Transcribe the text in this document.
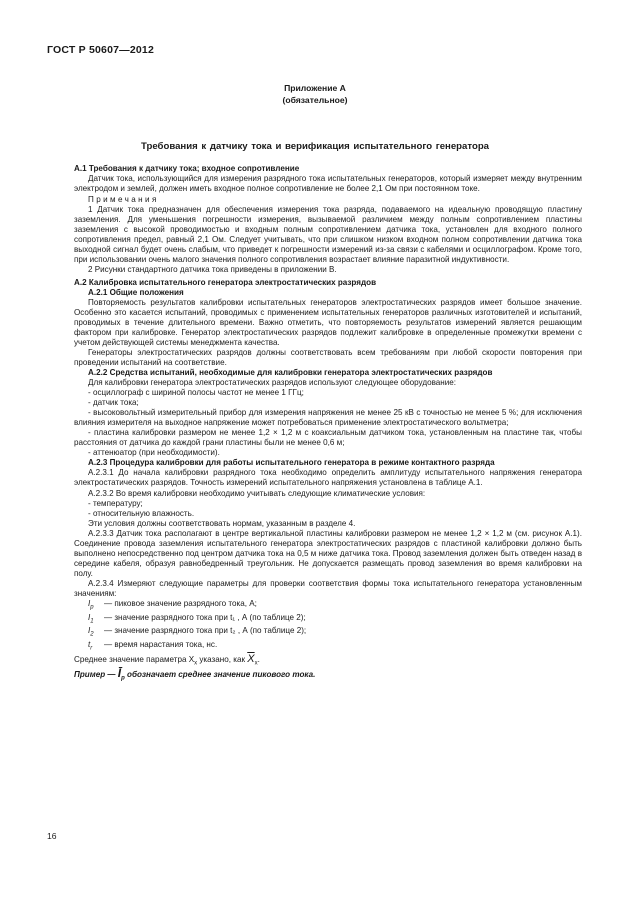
ГОСТ Р 50607—2012
Приложение А
(обязательное)
Требования к датчику тока и верификация испытательного генератора

А.1 Требования к датчику тока; входное сопротивление

Датчик тока, использующийся для измерения разрядного тока испытательных генераторов, который измеряет между внутренним электродом и землей, должен иметь входное полное сопротивление не более 2,1 Ом при постоянном токе.

Примечания

1 Датчик тока предназначен для обеспечения измерения тока разряда, подаваемого на идеальную проводящую пластину заземления. Для уменьшения погрешности измерения, вызываемой различием между полным сопротивлением пластины заземления с высокой проводимостью и входным полным сопротивлением датчика тока, установлен для входного полного сопротивления предел, равный 2,1 Ом. Следует учитывать, что при слишком низком входном полном сопротивлении датчика тока выходной сигнал будет очень слабым, что приведет к погрешности измерений из-за связи с кабелями и осциллографом. Кроме того, при использовании очень малого значения полного сопротивления возрастает влияние паразитной индуктивности.

2 Рисунки стандартного датчика тока приведены в приложении В.

А.2 Калибровка испытательного генератора электростатических разрядов

А.2.1 Общие положения

Повторяемость результатов калибровки испытательных генераторов электростатических разрядов имеет большое значение. Особенно это касается испытаний, проводимых с применением испытательных генераторов различных изготовителей и испытаний, проводимых в течение длительного времени. Важно отметить, что повторяемость результатов измерений является решающим фактором при калибровке. Генератор электростатических разрядов подлежит калибровке в определенные промежутки времени с учетом действующей системы менеджмента качества.

Генераторы электростатических разрядов должны соответствовать всем требованиям при любой скорости повторения при проведении испытаний на соответствие.

А.2.2 Средства испытаний, необходимые для калибровки генератора электростатических разрядов

Для калибровки генератора электростатических разрядов используют следующее оборудование:

- осциллограф с шириной полосы частот не менее 1 ГГц;

- датчик тока;

- высоковольтный измерительный прибор для измерения напряжения не менее 25 кВ с точностью не менее 5 %; для исключения влияния измерителя на выходное напряжение может потребоваться применение электростатического вольтметра;

- пластина калибровки размером не менее 1,2 × 1,2 м с коаксиальным датчиком тока, установленным на пластине так, чтобы расстояния от датчика до каждой грани пластины были не менее 0,6 м;

- аттенюатор (при необходимости).

А.2.3 Процедура калибровки для работы испытательного генератора в режиме контактного разряда

А.2.3.1 До начала калибровки разрядного тока необходимо определить амплитуду испытательного напряжения генератора электростатических разрядов. Точность измерений испытательного напряжения установлена в таблице А.1.

А.2.3.2 Во время калибровки необходимо учитывать следующие климатические условия:

- температуру;

- относительную влажность.

Эти условия должны соответствовать нормам, указанным в разделе 4.

А.2.3.3 Датчик тока располагают в центре вертикальной пластины калибровки размером не менее 1,2 × 1,2 м (см. рисунок А.1). Соединение провода заземления испытательного генератора электростатических разрядов с пластиной калибровки должно быть выполнено непосредственно под центром датчика тока на 0,5 м ниже датчика тока. Провод заземления должен быть отведен назад в середине кабеля, образуя равнобедренный треугольник. Не допускается размещать провод заземления во время калибровки на полу.

А.2.3.4 Измеряют следующие параметры для проверки соответствия формы тока испытательного генератора установленным значениям:

$I_p$	— пиковое значение разрядного тока, А;
$I_1$	— значение разрядного тока при t₁ , А (по таблице 2);
$I_2$	— значение разрядного тока при t₂ , А (по таблице 2);
$t_r$	— время нарастания тока, нс.

Среднее значение параметра $X_x$ указано, как $\overline{X}_x$.

Пример — $Ī_p$ обозначает среднее значение пикового тока.

16
